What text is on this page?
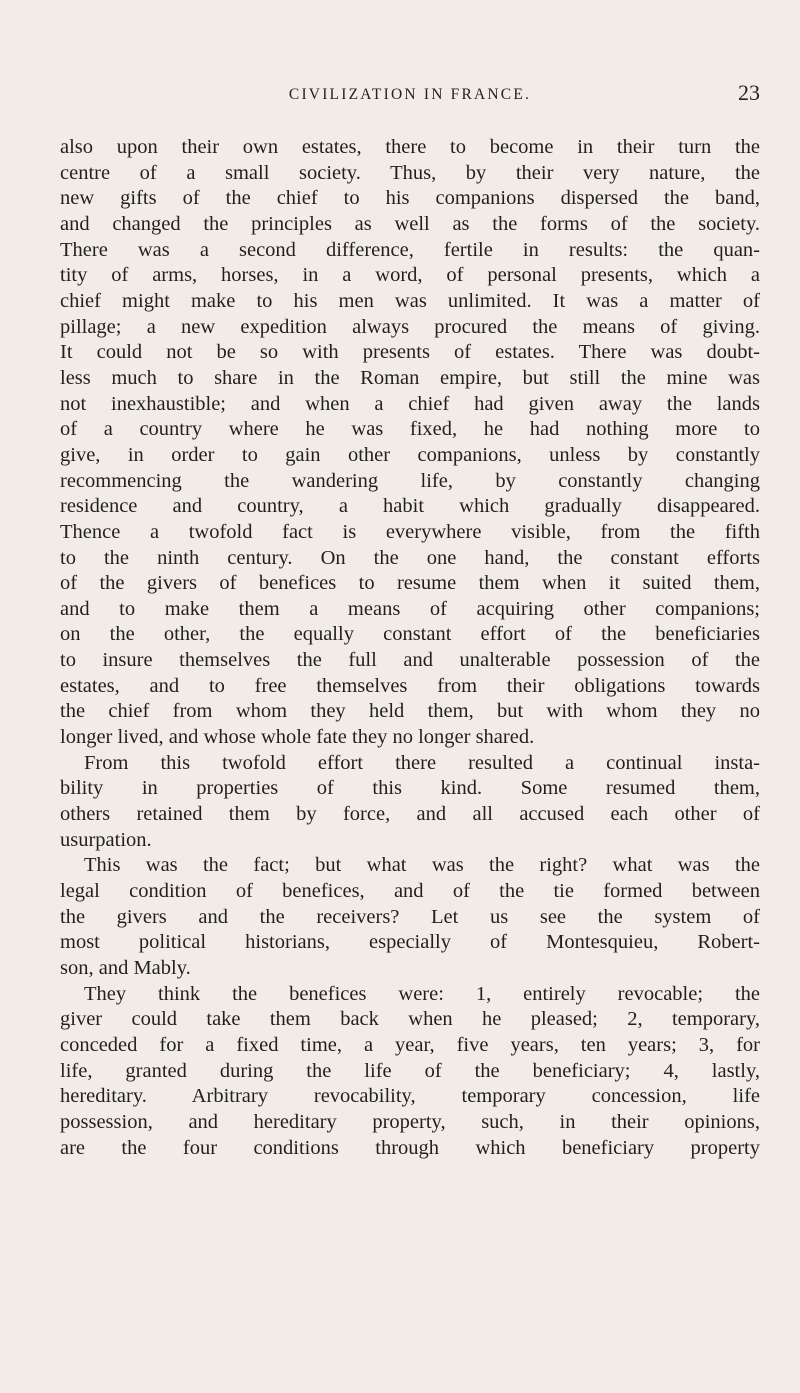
CIVILIZATION IN FRANCE.	23

also upon their own estates, there to become in their turn the

centre of a small society. Thus, by their very nature, the

new gifts of the chief to his companions dispersed the band,

and changed the principles as well as the forms of the society.

There was a second difference, fertile in results: the quan-

tity of arms, horses, in a word, of personal presents, which a

chief might make to his men was unlimited. It was a matter of

pillage; a new expedition always procured the means of giving.

It could not be so with presents of estates. There was doubt-

less much to share in the Roman empire, but still the mine was

not inexhaustible; and when a chief had given away the lands

of a country where he was fixed, he had nothing more to

give, in order to gain other companions, unless by constantly

recommencing the wandering life, by constantly changing

residence and country, a habit which gradually disappeared.

Thence a twofold fact is everywhere visible, from the fifth

to the ninth century. On the one hand, the constant efforts

of the givers of benefices to resume them when it suited them,

and to make them a means of acquiring other companions;

on the other, the equally constant effort of the beneficiaries

to insure themselves the full and unalterable possession of the

estates, and to free themselves from their obligations towards

the chief from whom they held them, but with whom they no

longer lived, and whose whole fate they no longer shared.

From this twofold effort there resulted a continual insta-

bility in properties of this kind. Some resumed them,

others retained them by force, and all accused each other of

usurpation.

This was the fact; but what was the right? what was the

legal condition of benefices, and of the tie formed between

the givers and the receivers? Let us see the system of

most political historians, especially of Montesquieu, Robert-

son, and Mably.

They think the benefices were: 1, entirely revocable; the

giver could take them back when he pleased; 2, temporary,

conceded for a fixed time, a year, five years, ten years; 3, for

life, granted during the life of the beneficiary; 4, lastly,

hereditary. Arbitrary revocability, temporary concession, life

possession, and hereditary property, such, in their opinions,

are the four conditions through which beneficiary property
